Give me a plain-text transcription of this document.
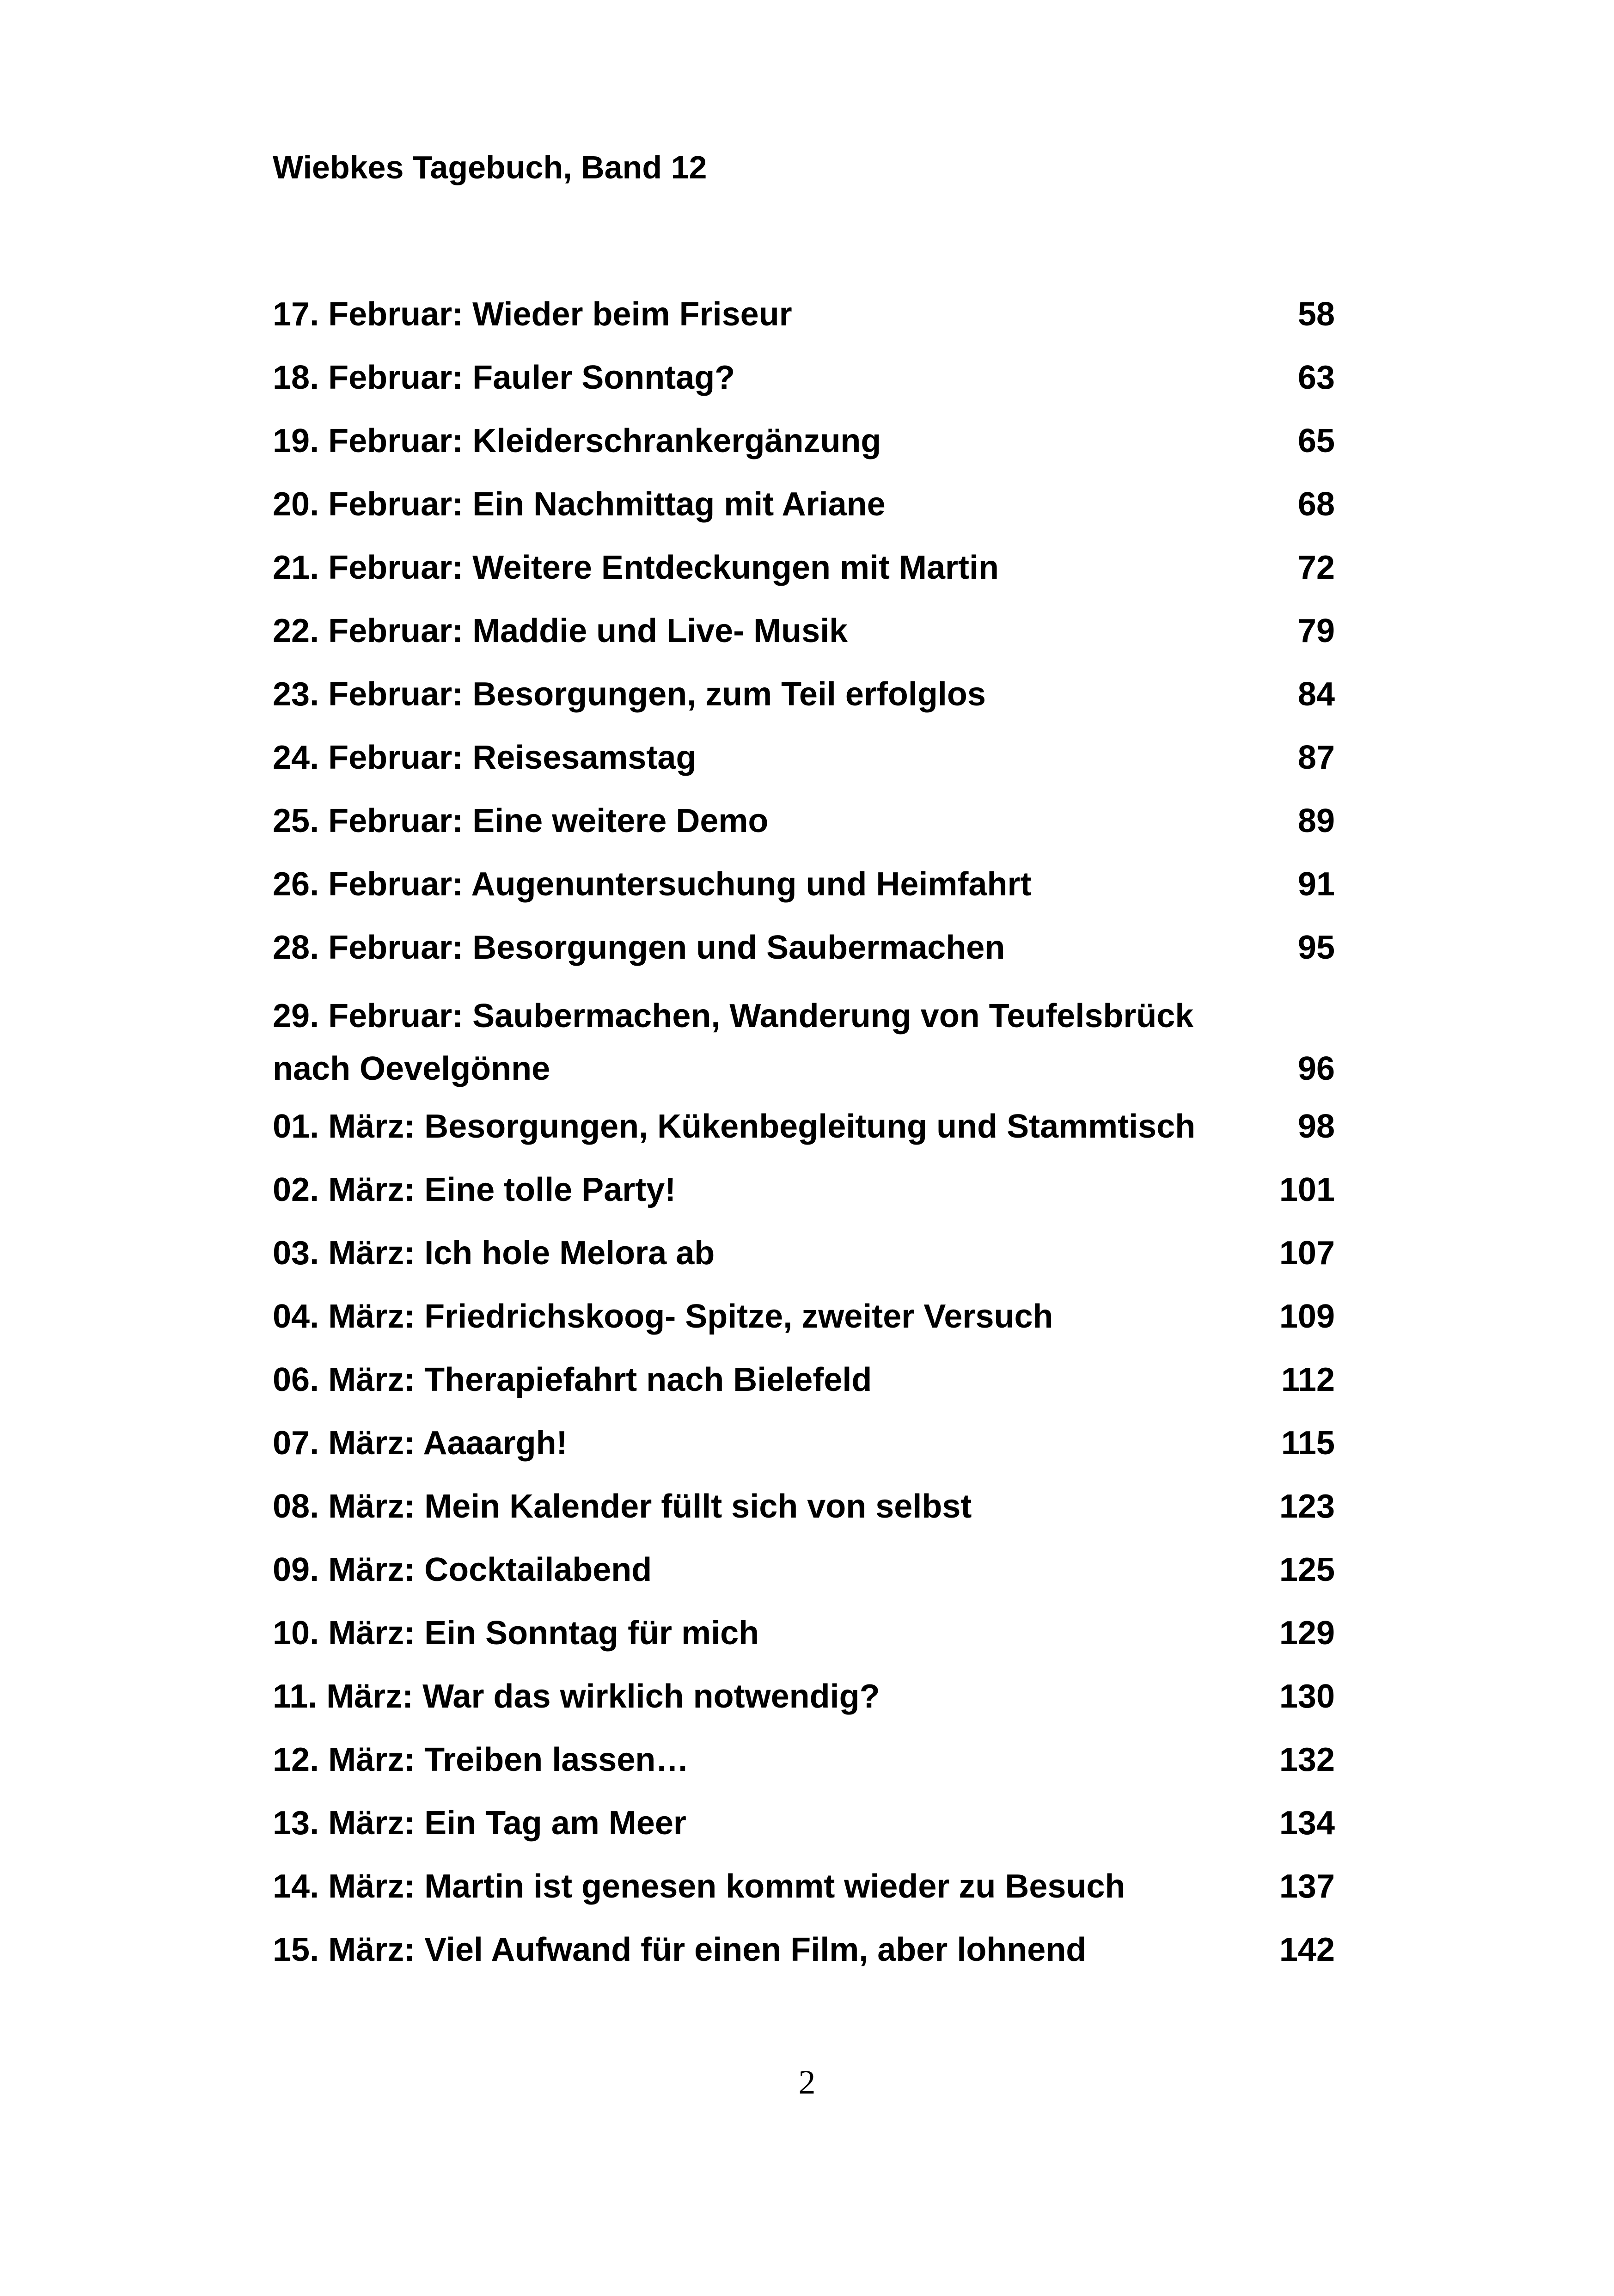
Wiebkes Tagebuch, Band 12
17. Februar: Wieder beim Friseur	58
18. Februar: Fauler Sonntag?	63
19. Februar: Kleiderschrankergänzung	65
20. Februar: Ein Nachmittag mit Ariane	68
21. Februar: Weitere Entdeckungen mit Martin	72
22. Februar: Maddie und Live- Musik	79
23. Februar: Besorgungen, zum Teil erfolglos	84
24. Februar: Reisesamstag	87
25. Februar: Eine weitere Demo	89
26. Februar: Augenuntersuchung und Heimfahrt	91
28. Februar: Besorgungen und Saubermachen	95
29. Februar: Saubermachen, Wanderung von Teufelsbrück
nach Oevelgönne	96
01. März: Besorgungen, Kükenbegleitung und Stammtisch	98
02. März: Eine tolle Party!	101
03. März: Ich hole Melora ab	107
04. März: Friedrichskoog- Spitze, zweiter Versuch	109
06. März: Therapiefahrt nach Bielefeld	112
07. März: Aaaargh!	115
08. März: Mein Kalender füllt sich von selbst	123
09. März: Cocktailabend	125
10. März: Ein Sonntag für mich	129
11. März: War das wirklich notwendig?	130
12. März: Treiben lassen…	132
13. März: Ein Tag am Meer	134
14. März: Martin ist genesen kommt wieder zu Besuch	137
15. März: Viel Aufwand für einen Film, aber lohnend	142
2
